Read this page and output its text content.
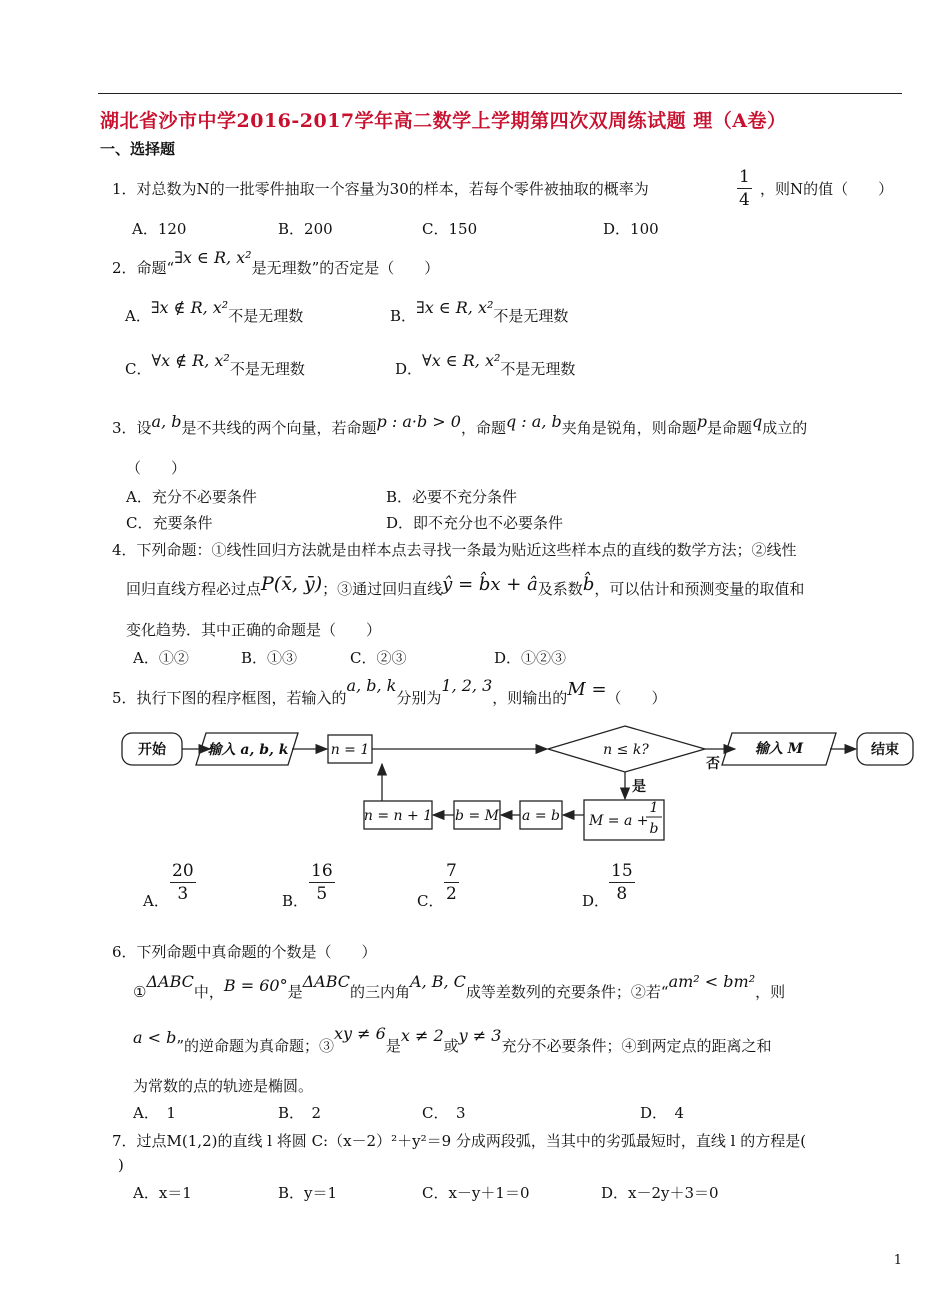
湖北省沙市中学2016-2017学年高二数学上学期第四次双周练试题 理（A卷）
一、选择题
1．对总数为N的一批零件抽取一个容量为30的样本，若每个零件被抽取的概率为	$\frac{1}{4}$ ，则N的值（　　）
A．120	B．200	C．150	D．100
2．命题“∃x ∈ R, x²是无理数”的否定是（　　）
A．∃x ∉ R, x²不是无理数	B．∃x ∈ R, x²不是无理数
C．∀x ∉ R, x²不是无理数	D．∀x ∈ R, x²不是无理数
3．设a, b是不共线的两个向量，若命题p : a·b > 0，命题q : a, b夹角是锐角，则命题p是命题q成立的
（　　）
A．充分不必要条件	B．必要不充分条件
C．充要条件	D．即不充分也不必要条件
4．下列命题：①线性回归方法就是由样本点去寻找一条最为贴近这些样本点的直线的数学方法；②线性
回归直线方程必过点P(x̄, ȳ)；③通过回归直线ŷ = b̂x + â及系数b̂，可以估计和预测变量的取值和
变化趋势．其中正确的命题是（　　）
A．①②	B．①③	C．②③	D．①②③
5．执行下图的程序框图，若输入的a, b, k分别为1, 2, 3，则输出的M =（　　）
开始	输入 a, b, k	n = 1	n ≤ k?
否
是
输入 M	结束
M = a +
1
b
a = b
b = M
n = n + 1
A． $\frac{20}{3}$	B． $\frac{16}{5}$	C． $\frac{7}{2}$	D． $\frac{15}{8}$
6．下列命题中真命题的个数是（　　）
①ΔABC中，B = 60°是ΔABC的三内角A, B, C成等差数列的充要条件；②若“am² < bm²，则
a < b”的逆命题为真命题；③xy ≠ 6是x ≠ 2或y ≠ 3充分不必要条件；④到两定点的距离之和
为常数的点的轨迹是椭圆。
A．　1	B．　2	C．　3	D．　4
7．过点M(1,2)的直线 l 将圆 C:（x－2）²＋y²＝9 分成两段弧，当其中的劣弧最短时，直线 l 的方程是(
)
A．x＝1	B．y＝1	C．x－y＋1＝0	D．x－2y＋3＝0
1
